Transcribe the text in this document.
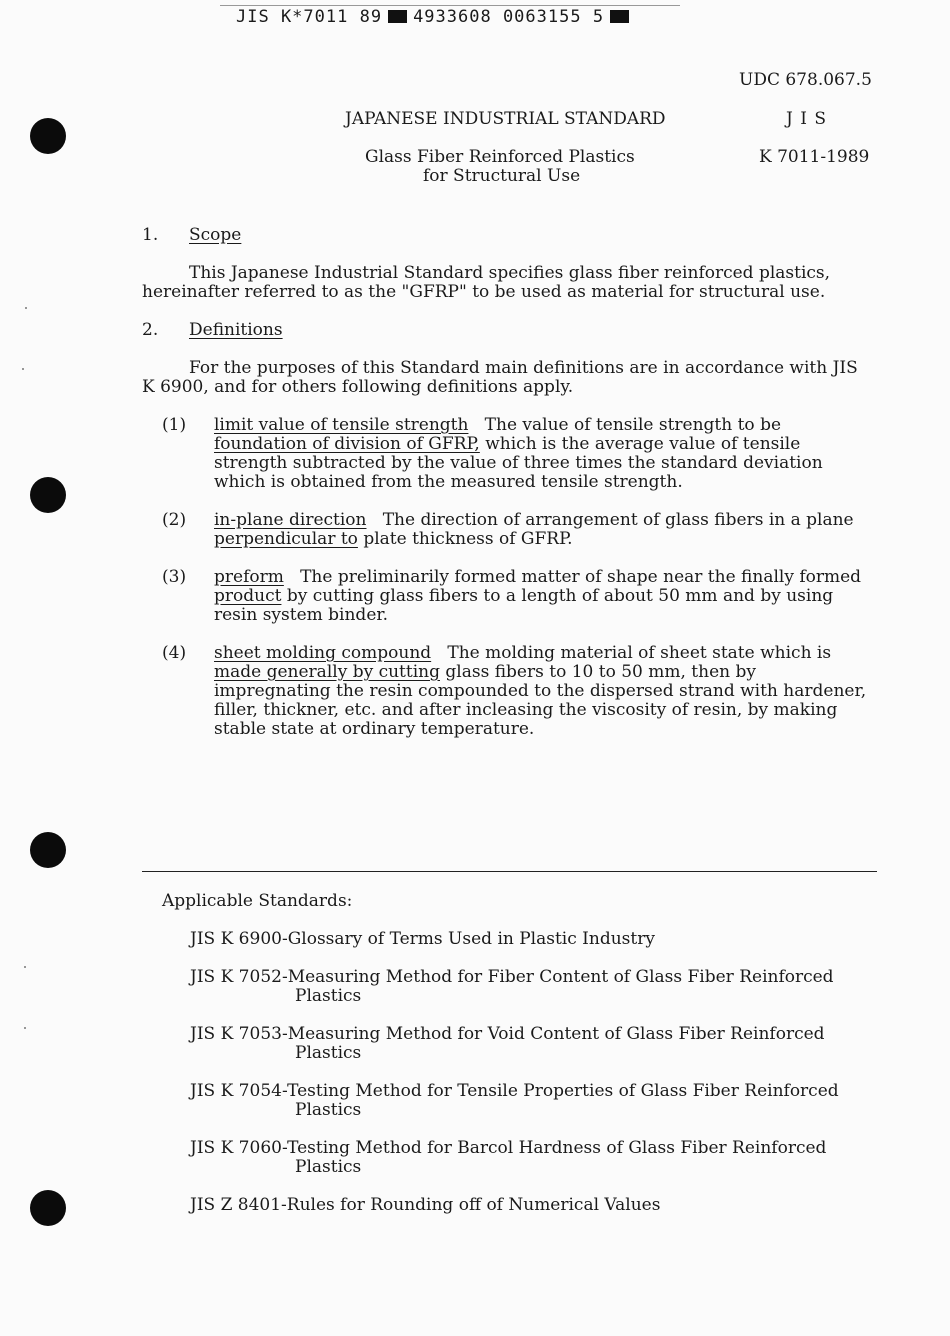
JIS K*7011 89 4933608 0063155 5
UDC 678.067.5
JAPANESE INDUSTRIAL STANDARD	J I S
Glass Fiber Reinforced Plastics
for Structural Use
K 7011-1989
1. Scope
This Japanese Industrial Standard specifies glass fiber reinforced plastics,
hereinafter referred to as the "GFRP" to be used as material for structural use.
2. Definitions
For the purposes of this Standard main definitions are in accordance with JIS
K 6900, and for others following definitions apply.
(1) limit value of tensile strength The value of tensile strength to be
foundation of division of GFRP, which is the average value of tensile
strength subtracted by the value of three times the standard deviation
which is obtained from the measured tensile strength.
(2) in-plane direction The direction of arrangement of glass fibers in a plane
perpendicular to plate thickness of GFRP.
(3) preform The preliminarily formed matter of shape near the finally formed
product by cutting glass fibers to a length of about 50 mm and by using
resin system binder.
(4) sheet molding compound The molding material of sheet state which is
made generally by cutting glass fibers to 10 to 50 mm, then by
impregnating the resin compounded to the dispersed strand with hardener,
filler, thickner, etc. and after incleasing the viscosity of resin, by making
stable state at ordinary temperature.
Applicable Standards:
JIS K 6900-Glossary of Terms Used in Plastic Industry
JIS K 7052-Measuring Method for Fiber Content of Glass Fiber Reinforced
Plastics
JIS K 7053-Measuring Method for Void Content of Glass Fiber Reinforced
Plastics
JIS K 7054-Testing Method for Tensile Properties of Glass Fiber Reinforced
Plastics
JIS K 7060-Testing Method for Barcol Hardness of Glass Fiber Reinforced
Plastics
JIS Z 8401-Rules for Rounding off of Numerical Values
